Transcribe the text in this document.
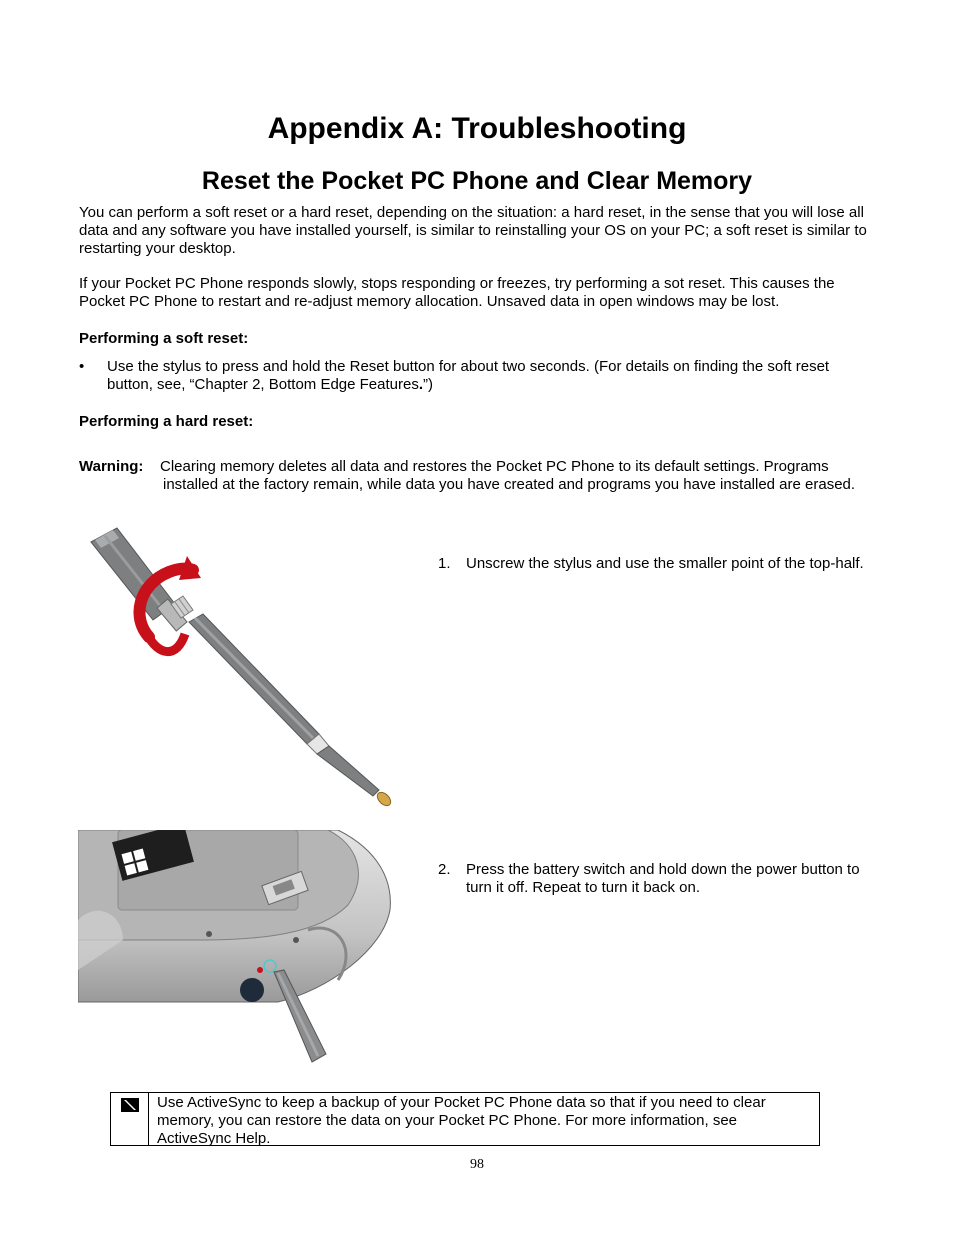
Appendix A: Troubleshooting
Reset the Pocket PC Phone and Clear Memory

You can perform a soft reset or a hard reset, depending on the situation: a hard reset, in the sense that you will lose all data and any software you have installed yourself, is similar to reinstalling your OS on your PC; a soft reset is similar to restarting your desktop.

If your Pocket PC Phone responds slowly, stops responding or freezes, try performing a sot reset. This causes the Pocket PC Phone to restart and re-adjust memory allocation. Unsaved data in open windows may be lost.

Performing a soft reset:

• Use the stylus to press and hold the Reset button for about two seconds. (For details on finding the soft reset button, see, “Chapter 2, Bottom Edge Features.”)

Performing a hard reset:

Warning:	Clearing memory deletes all data and restores the Pocket PC Phone to its default settings. Programs installed at the factory remain, while data you have created and programs you have installed are erased.

1. Unscrew the stylus and use the smaller point of the top-half.

2. Press the battery switch and hold down the power button to turn it off. Repeat to turn it back on.

Use ActiveSync to keep a backup of your Pocket PC Phone data so that if you need to clear memory, you can restore the data on your Pocket PC Phone. For more information, see ActiveSync Help.
98
